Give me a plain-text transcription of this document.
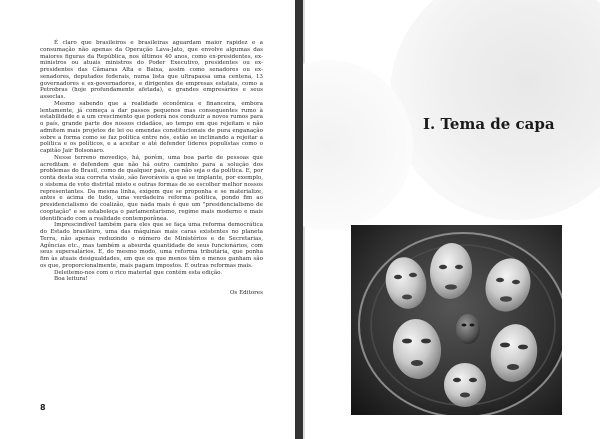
É claro que brasileiros e brasileiras aguardam maior rapidez e a consumação não apenas da Operação Lava-Jato, que envolve algumas das maiores figuras da República, nos últimos 40 anos, como ex-presidentes, ex-ministros ou atuais ministros do Poder Executivo, presidentes ou ex-presidentes das Câmaras Alta e Baixa, assim como senadores ou ex-senadores, deputados federais, numa lista que ultrapassa uma centena, 13 governadores e ex-governadores, e dirigentes de empresas estatais, como a Petrobras (hoje profundamente afetada), e grandes empresários e seus asseclas.

Mesmo sabendo que a realidade econômica e financeira, embora lentamente, já começa a dar passos pequenos mas consequentes rumo à estabilidade e a um crescimento que poderá nos conduzir a novos rumos para o país, grande parte dos nossos cidadãos, ao tempo em que rejeitam e não admitem mais projetos de lei ou emendas constitucionais de pura enganação sobre a forma como se faz política entre nós, estão se inclinando a rejeitar a política e os políticos, e a aceitar e até defender líderes populistas como o capitão Jair Bolsonaro.

Nesse terreno movediço, há, porém, uma boa parte de pessoas que acreditam e defendem que não há outro caminho para a solução dos problemas do Brasil, como de qualquer país, que não seja o da política. E, por conta desta sua correta visão, são favoráveis a que se implante, por exemplo, o sistema de voto distrital misto e outras formas de se escolher melhor nossos representantes. Da mesma linha, exigem que se proponha e se materialize, antes e acima de tudo, uma verdadeira reforma política, pondo fim ao presidencialismo de coalizão, que nada mais é que um "presidencialismo de cooptação" e se estabeleça o parlamentarismo, regime mais moderno e mais identificado com a realidade contemporânea.

Imprescindível também para eles que se faça uma reforma democrática do Estado brasileiro, uma das máquinas mais caras existentes no planeta Terra, não apenas reduzindo o número de Ministérios e de Secretarias, Agências etc., mas também a absurda quantidade de seus funcionários, com seus supersalários. E, do mesmo modo, uma reforma tributária, que ponha fim às atuais desigualdades, em que os que menos têm e menos ganham são os que, proporcionalmente, mais pagam impostos. E outras reformas mais.

Deleitemo-nos com o rico material que contém esta edição.

Boa leitura!

Os Editores
8
I. Tema de capa
